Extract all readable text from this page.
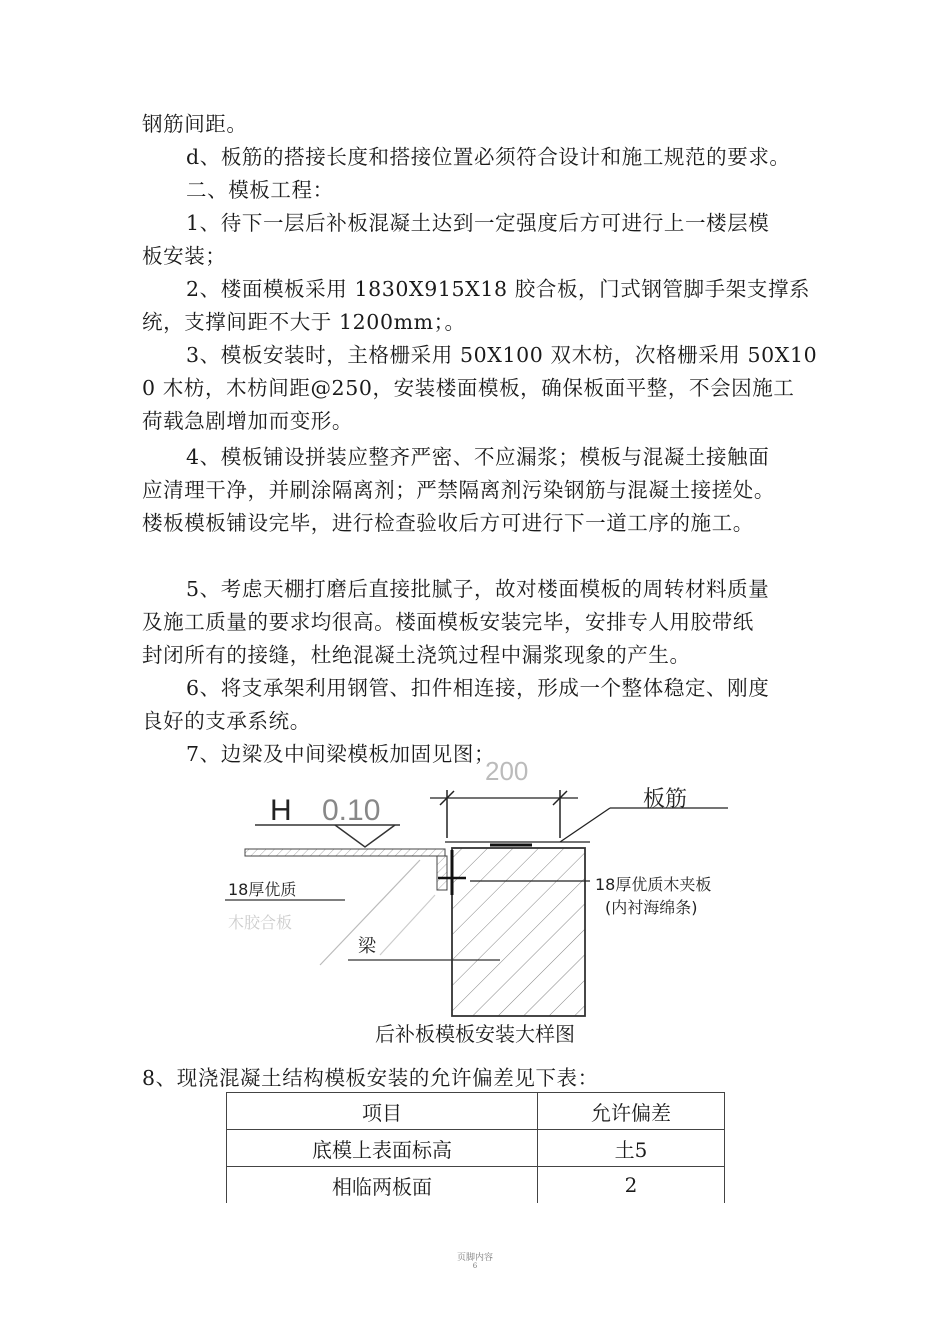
钢筋间距。
d、板筋的搭接长度和搭接位置必须符合设计和施工规范的要求。
二、模板工程：
1、待下一层后补板混凝土达到一定强度后方可进行上一楼层模
板安装；
2、楼面模板采用 1830X915X18 胶合板，门式钢管脚手架支撑系
统，支撑间距不大于 1200mm；。
3、模板安装时，主格栅采用 50X100 双木枋，次格栅采用 50X10
0 木枋，木枋间距@250，安装楼面模板，确保板面平整，不会因施工
荷载急剧增加而变形。
4、模板铺设拼装应整齐严密、不应漏浆；模板与混凝土接触面
应清理干净，并刷涂隔离剂；严禁隔离剂污染钢筋与混凝土接搓处。
楼板模板铺设完毕，进行检查验收后方可进行下一道工序的施工。
5、考虑天棚打磨后直接批腻子，故对楼面模板的周转材料质量
及施工质量的要求均很高。楼面模板安装完毕，安排专人用胶带纸
封闭所有的接缝，杜绝混凝土浇筑过程中漏浆现象的产生。
6、将支承架利用钢管、扣件相连接，形成一个整体稳定、刚度
良好的支承系统。
7、边梁及中间梁模板加固见图；
H 0.10
200
板筋
18厚优质
木胶合板
梁
18厚优质木夹板
(内衬海绵条)
后补板模板安装大样图
8、现浇混凝土结构模板安装的允许偏差见下表：
项目	允许偏差
底模上表面标高	土5
相临两板面	2
页脚内容
6
